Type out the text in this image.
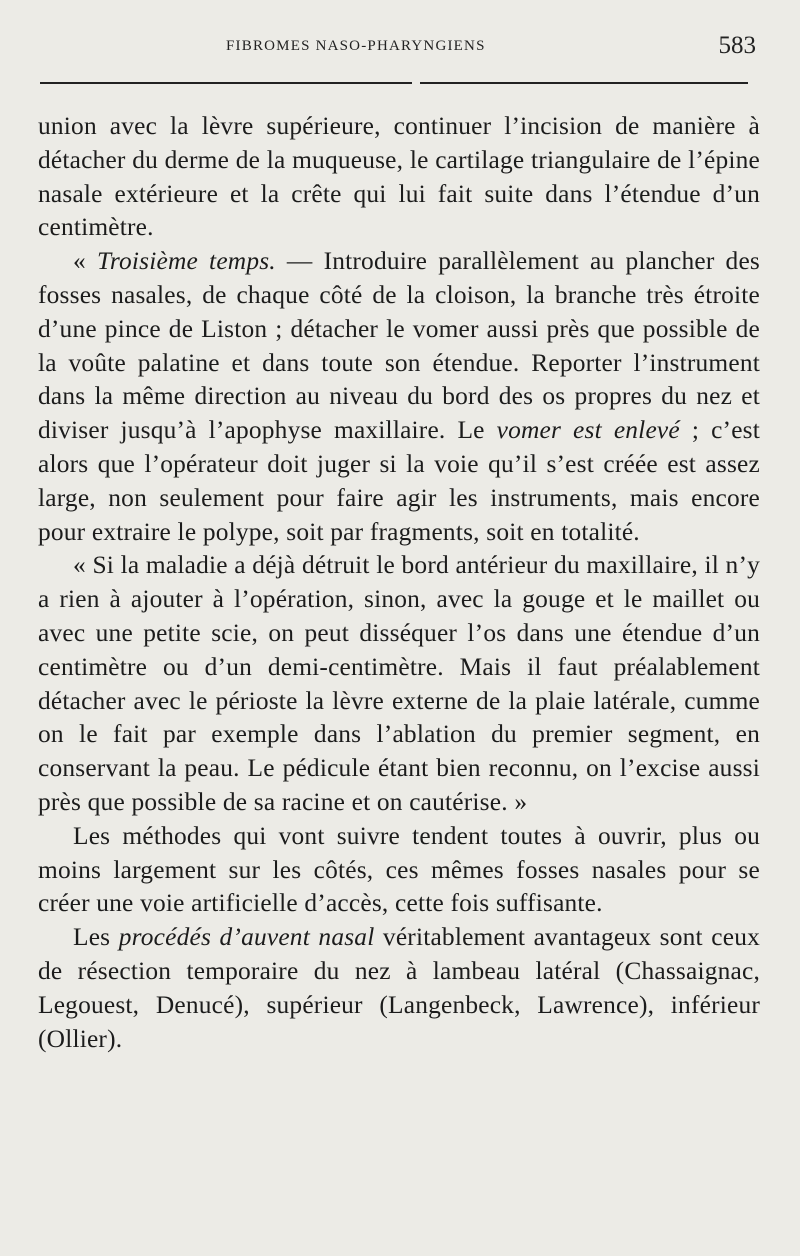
FIBROMES NASO-PHARYNGIENS	583

union avec la lèvre supérieure, continuer l’incision de manière à détacher du derme de la muqueuse, le cartilage triangulaire de l’épine nasale extérieure et la crête qui lui fait suite dans l’étendue d’un centimètre.

« Troisième temps. — Introduire parallèlement au plancher des fosses nasales, de chaque côté de la cloison, la branche très étroite d’une pince de Liston ; détacher le vomer aussi près que possible de la voûte palatine et dans toute son étendue. Reporter l’instrument dans la même direction au niveau du bord des os propres du nez et diviser jusqu’à l’apophyse maxillaire. Le vomer est enlevé ; c’est alors que l’opérateur doit juger si la voie qu’il s’est créée est assez large, non seulement pour faire agir les instruments, mais encore pour extraire le polype, soit par fragments, soit en totalité.

« Si la maladie a déjà détruit le bord antérieur du maxillaire, il n’y a rien à ajouter à l’opération, sinon, avec la gouge et le maillet ou avec une petite scie, on peut disséquer l’os dans une étendue d’un centimètre ou d’un demi-centimètre. Mais il faut préalablement détacher avec le périoste la lèvre externe de la plaie latérale, cumme on le fait par exemple dans l’ablation du premier segment, en conservant la peau. Le pédicule étant bien reconnu, on l’excise aussi près que possible de sa racine et on cautérise. »

Les méthodes qui vont suivre tendent toutes à ouvrir, plus ou moins largement sur les côtés, ces mêmes fosses nasales pour se créer une voie artificielle d’accès, cette fois suffisante.

Les procédés d’auvent nasal véritablement avantageux sont ceux de résection temporaire du nez à lambeau latéral (Chassaignac, Legouest, Denucé), supérieur (Langenbeck, Lawrence), inférieur (Ollier).
